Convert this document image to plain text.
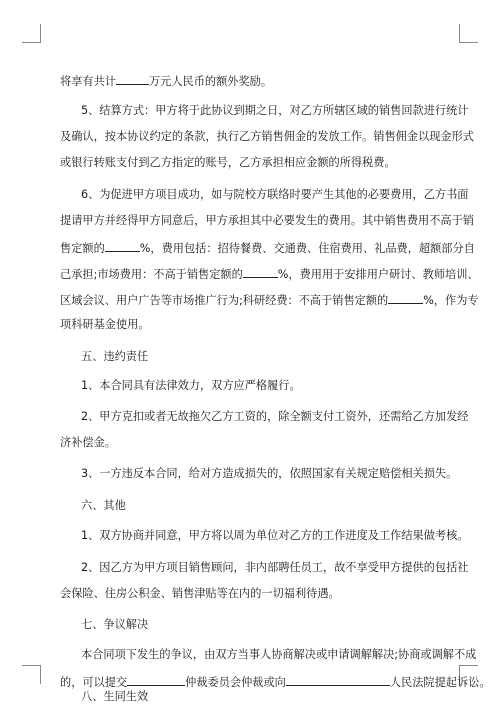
将享有共计	万元人民币的额外奖励。
5、结算方式：甲方将于此协议到期之日，对乙方所辖区域的销售回款进行统计
及确认，按本协议约定的条款，执行乙方销售佣金的发放工作。销售佣金以现金形式
或银行转账支付到乙方指定的账号，乙方承担相应金额的所得税费。
6、为促进甲方项目成功，如与院校方联络时要产生其他的必要费用，乙方书面
提请甲方并经得甲方同意后，甲方承担其中必要发生的费用。其中销售费用不高于销
售定额的	%，费用包括：招待餐费、交通费、住宿费用、礼品费，超额部分自
己承担;市场费用：不高于销售定额的	%，费用用于安排用户研讨、教师培训、
区域会议、用户广告等市场推广行为;科研经费：不高于销售定额的	%，作为专
项科研基金使用。
五、违约责任
1、本合同具有法律效力，双方应严格履行。
2、甲方克扣或者无故拖欠乙方工资的，除全额支付工资外，还需给乙方加发经
济补偿金。
3、一方违反本合同，给对方造成损失的，依照国家有关规定赔偿相关损失。
六、其他
1、双方协商并同意，甲方将以周为单位对乙方的工作进度及工作结果做考核。
2、因乙方为甲方项目销售顾问，非内部聘任员工，故不享受甲方提供的包括社
会保险、住房公积金、销售津贴等在内的一切福利待遇。
七、争议解决
本合同项下发生的争议，由双方当事人协商解决或申请调解解决;协商或调解不成
的，可以提交	仲裁委员会仲裁或向	人民法院提起诉讼。
八、生同生效
